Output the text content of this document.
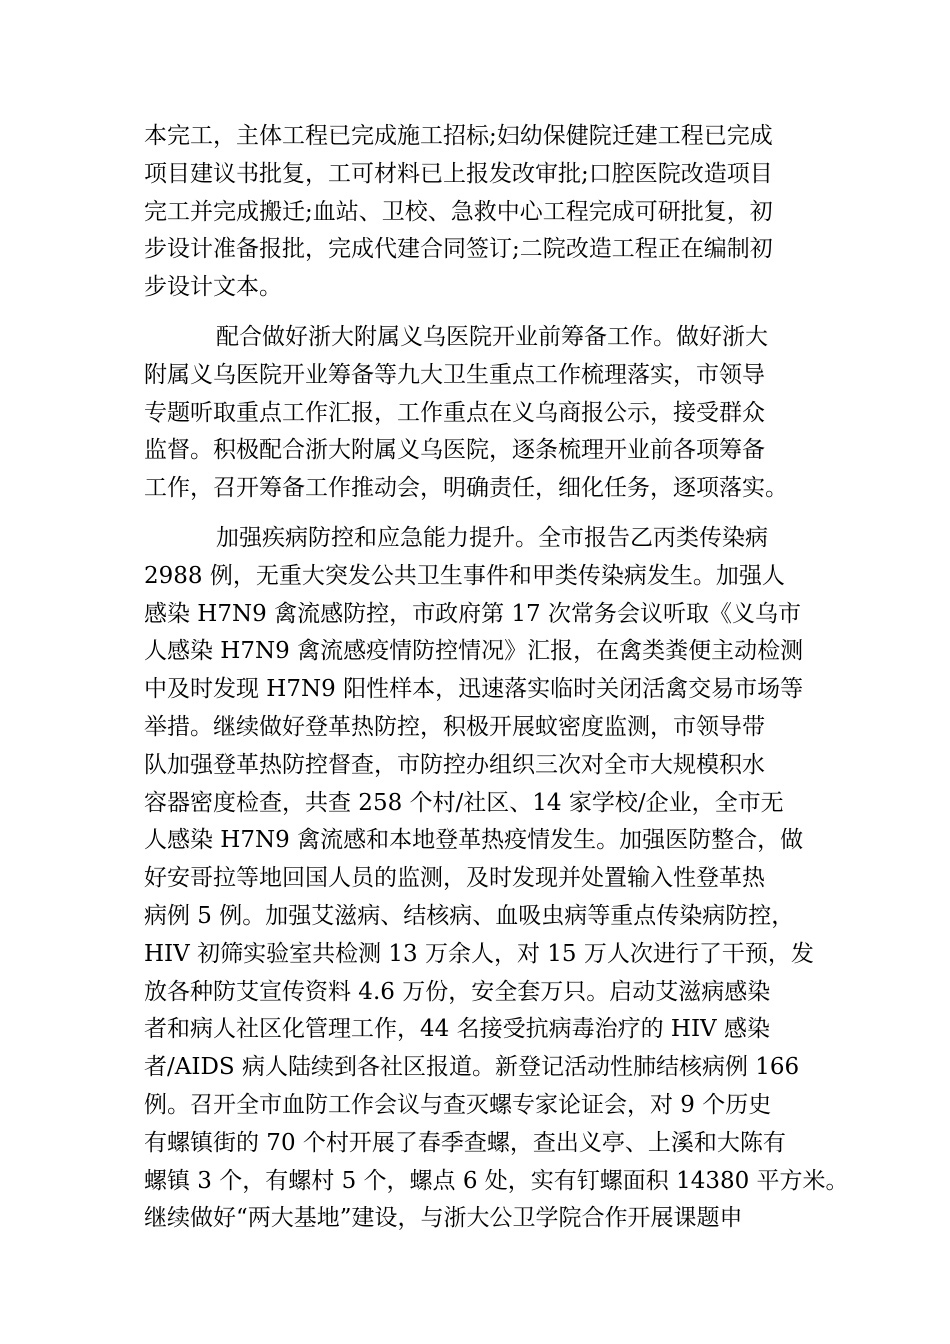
本完工，主体工程已完成施工招标;妇幼保健院迁建工程已完成
项目建议书批复，工可材料已上报发改审批;口腔医院改造项目
完工并完成搬迁;血站、卫校、急救中心工程完成可研批复，初
步设计准备报批，完成代建合同签订;二院改造工程正在编制初
步设计文本。
配合做好浙大附属义乌医院开业前筹备工作。做好浙大
附属义乌医院开业筹备等九大卫生重点工作梳理落实，市领导
专题听取重点工作汇报，工作重点在义乌商报公示，接受群众
监督。积极配合浙大附属义乌医院，逐条梳理开业前各项筹备
工作，召开筹备工作推动会，明确责任，细化任务，逐项落实。
加强疾病防控和应急能力提升。全市报告乙丙类传染病
2988 例，无重大突发公共卫生事件和甲类传染病发生。加强人
感染 H7N9 禽流感防控，市政府第 17 次常务会议听取《义乌市
人感染 H7N9 禽流感疫情防控情况》汇报，在禽类粪便主动检测
中及时发现 H7N9 阳性样本，迅速落实临时关闭活禽交易市场等
举措。继续做好登革热防控，积极开展蚊密度监测，市领导带
队加强登革热防控督查，市防控办组织三次对全市大规模积水
容器密度检查，共查 258 个村/社区、14 家学校/企业，全市无
人感染 H7N9 禽流感和本地登革热疫情发生。加强医防整合，做
好安哥拉等地回国人员的监测，及时发现并处置输入性登革热
病例 5 例。加强艾滋病、结核病、血吸虫病等重点传染病防控，
HIV 初筛实验室共检测 13 万余人，对 15 万人次进行了干预，发
放各种防艾宣传资料 4.6 万份，安全套万只。启动艾滋病感染
者和病人社区化管理工作，44 名接受抗病毒治疗的 HIV 感染
者/AIDS 病人陆续到各社区报道。新登记活动性肺结核病例 166
例。召开全市血防工作会议与查灭螺专家论证会，对 9 个历史
有螺镇街的 70 个村开展了春季查螺，查出义亭、上溪和大陈有
螺镇 3 个，有螺村 5 个，螺点 6 处，实有钉螺面积 14380 平方米。
继续做好“两大基地”建设，与浙大公卫学院合作开展课题申
